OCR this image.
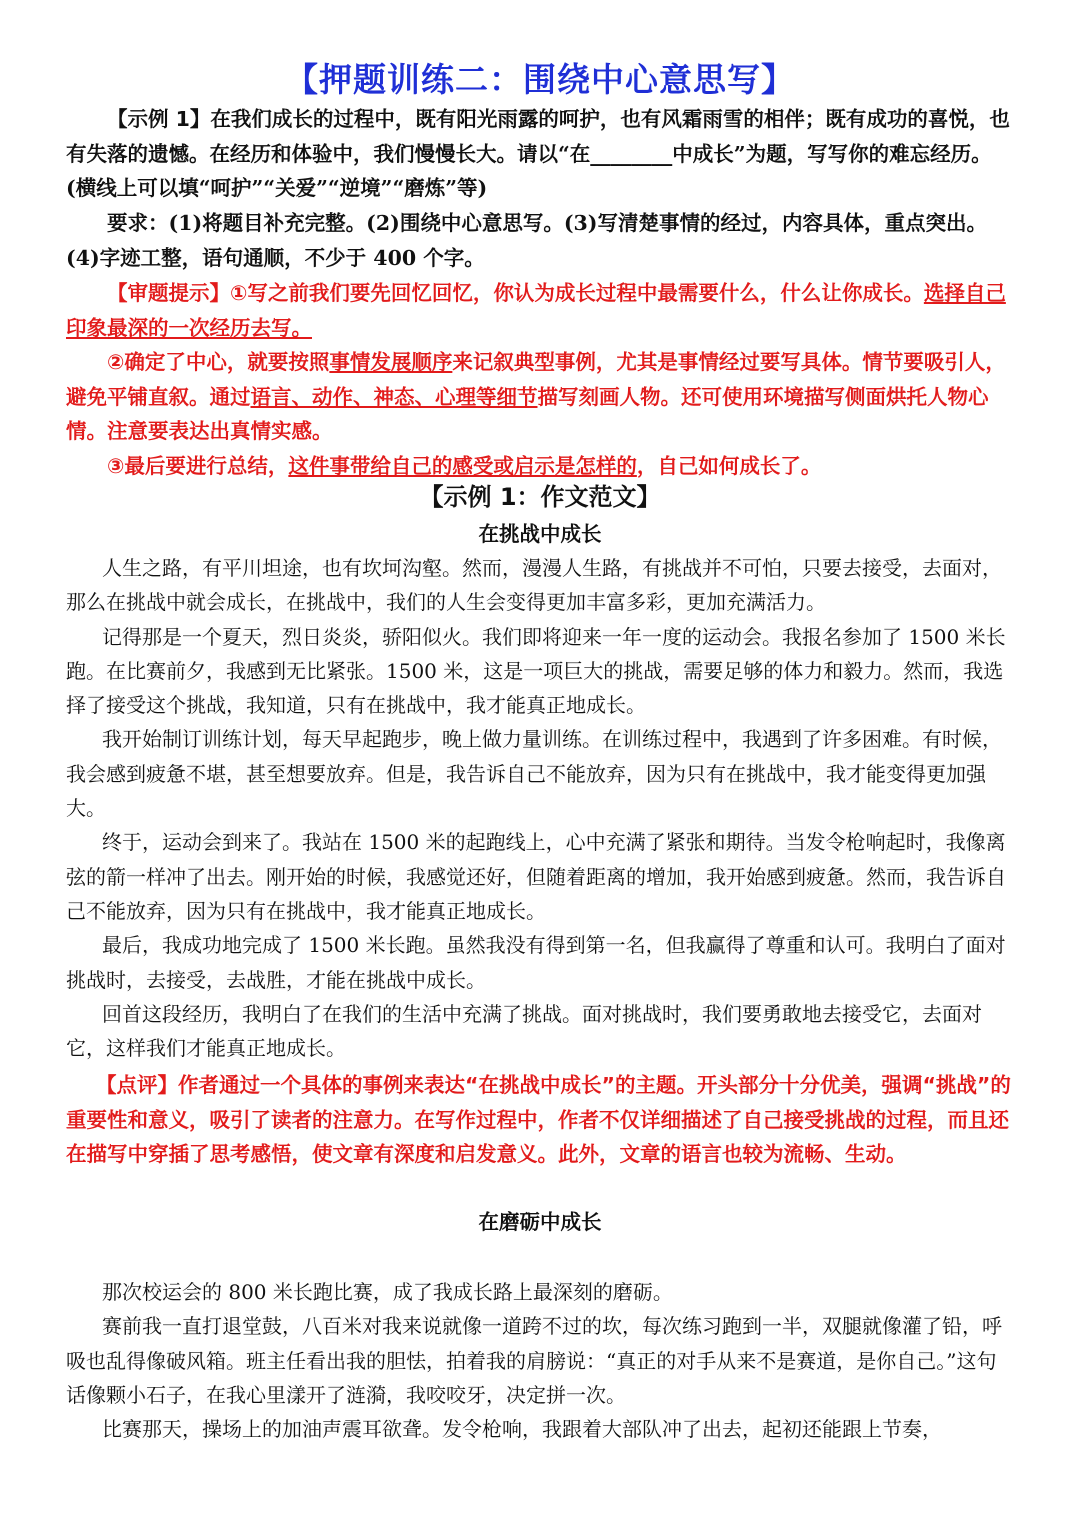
【押题训练二：围绕中心意思写】
【示例 1】在我们成长的过程中，既有阳光雨露的呵护，也有风霜雨雪的相伴；既有成功的喜悦，也有失落的遗憾。在经历和体验中，我们慢慢长大。请以“在________中成长”为题，写写你的难忘经历。(横线上可以填“呵护”“关爱”“逆境”“磨炼”等)
要求：(1)将题目补充完整。(2)围绕中心意思写。(3)写清楚事情的经过，内容具体，重点突出。(4)字迹工整，语句通顺，不少于 400 个字。

【审题提示】①写之前我们要先回忆回忆，你认为成长过程中最需要什么，什么让你成长。选择自己印象最深的一次经历去写。

②确定了中心，就要按照事情发展顺序来记叙典型事例，尤其是事情经过要写具体。情节要吸引人，避免平铺直叙。通过语言、动作、神态、心理等细节描写刻画人物。还可使用环境描写侧面烘托人物心情。注意要表达出真情实感。

③最后要进行总结，这件事带给自己的感受或启示是怎样的，自己如何成长了。

【示例 1：作文范文】
在挑战中成长

人生之路，有平川坦途，也有坎坷沟壑。然而，漫漫人生路，有挑战并不可怕，只要去接受，去面对，那么在挑战中就会成长，在挑战中，我们的人生会变得更加丰富多彩，更加充满活力。

记得那是一个夏天，烈日炎炎，骄阳似火。我们即将迎来一年一度的运动会。我报名参加了 1500 米长跑。在比赛前夕，我感到无比紧张。1500 米，这是一项巨大的挑战，需要足够的体力和毅力。然而，我选择了接受这个挑战，我知道，只有在挑战中，我才能真正地成长。

我开始制订训练计划，每天早起跑步，晚上做力量训练。在训练过程中，我遇到了许多困难。有时候，我会感到疲惫不堪，甚至想要放弃。但是，我告诉自己不能放弃，因为只有在挑战中，我才能变得更加强大。

终于，运动会到来了。我站在 1500 米的起跑线上，心中充满了紧张和期待。当发令枪响起时，我像离弦的箭一样冲了出去。刚开始的时候，我感觉还好，但随着距离的增加，我开始感到疲惫。然而，我告诉自己不能放弃，因为只有在挑战中，我才能真正地成长。

最后，我成功地完成了 1500 米长跑。虽然我没有得到第一名，但我赢得了尊重和认可。我明白了面对挑战时，去接受，去战胜，才能在挑战中成长。

回首这段经历，我明白了在我们的生活中充满了挑战。面对挑战时，我们要勇敢地去接受它，去面对它，这样我们才能真正地成长。

【点评】作者通过一个具体的事例来表达“在挑战中成长”的主题。开头部分十分优美，强调“挑战”的重要性和意义，吸引了读者的注意力。在写作过程中，作者不仅详细描述了自己接受挑战的过程，而且还在描写中穿插了思考感悟，使文章有深度和启发意义。此外，文章的语言也较为流畅、生动。
在磨砺中成长

那次校运会的 800 米长跑比赛，成了我成长路上最深刻的磨砺。

赛前我一直打退堂鼓，八百米对我来说就像一道跨不过的坎，每次练习跑到一半，双腿就像灌了铅，呼吸也乱得像破风箱。班主任看出我的胆怯，拍着我的肩膀说：“真正的对手从来不是赛道，是你自己。”这句话像颗小石子，在我心里漾开了涟漪，我咬咬牙，决定拼一次。

比赛那天，操场上的加油声震耳欲聋。发令枪响，我跟着大部队冲了出去，起初还能跟上节奏，
